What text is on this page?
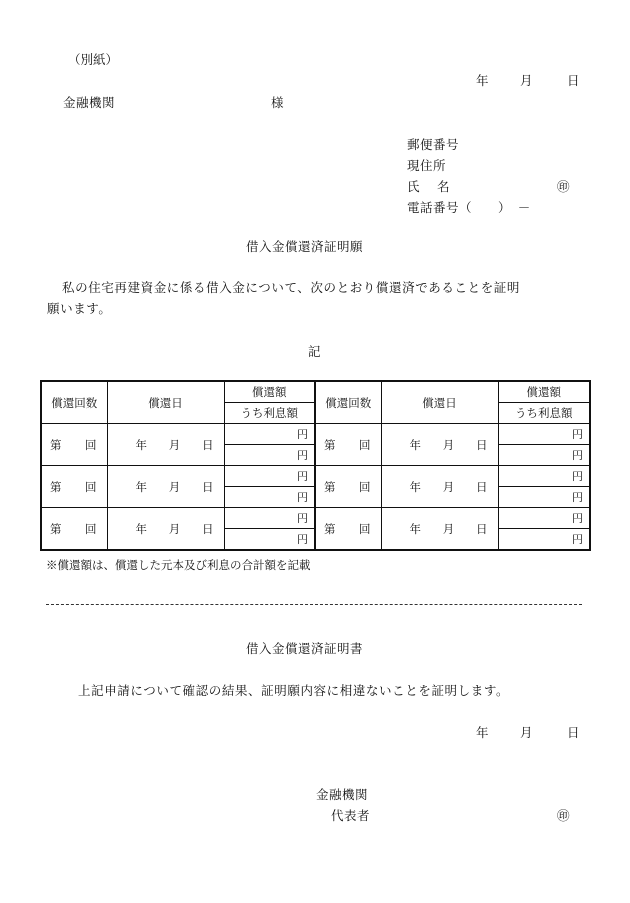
（別紙）
年	月	日
金融機関	様
郵便番号
現住所
氏 名	㊞
電話番号（　　）　－
借入金償還済証明願
私の住宅再建資金に係る借入金について、次のとおり償還済であることを証明
願います。
記
償還回数	償還日	償還額	償還回数	償還日	償還額
		うち利息額			うち利息額

第 回	年 月 日	円	第 回	年 月 日	円
		円			円

第 回	年 月 日	円	第 回	年 月 日	円
		円			円

第 回	年 月 日	円	第 回	年 月 日	円
		円			円
※償還額は、償還した元本及び利息の合計額を記載
借入金償還済証明書
上記申請について確認の結果、証明願内容に相違ないことを証明します。
年	月	日
金融機関
代表者	㊞
